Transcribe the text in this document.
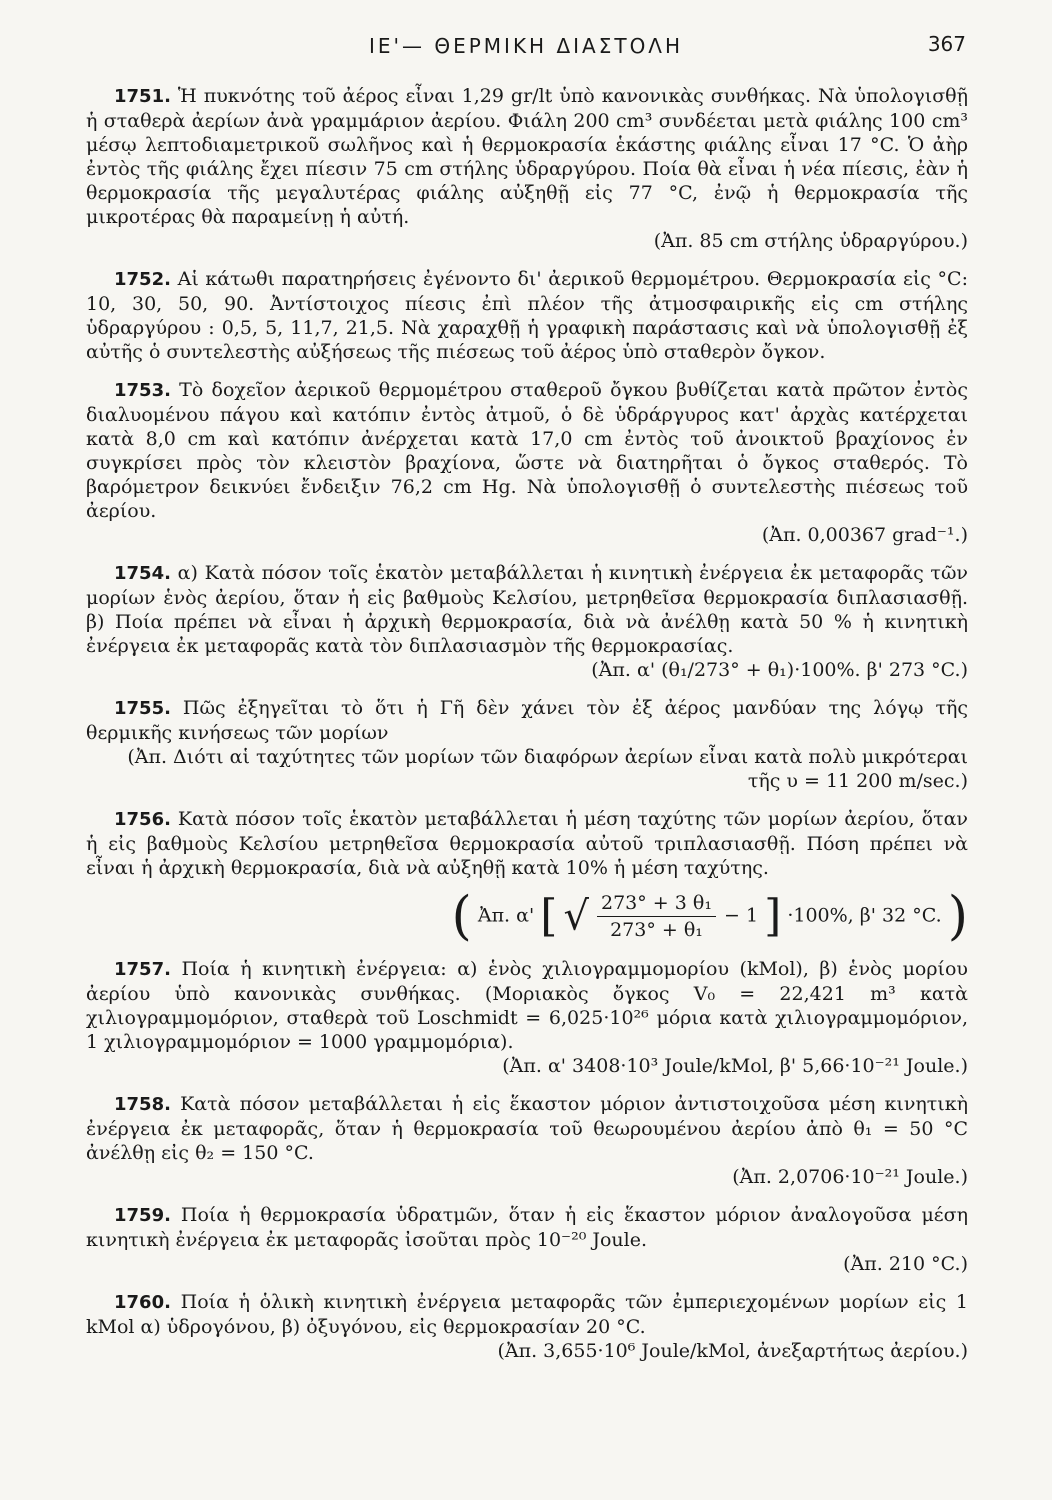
ΙΕ'— ΘΕΡΜΙΚΗ ΔΙΑΣΤΟΛΗ	367

1751. Ἡ πυκνότης τοῦ ἀέρος εἶναι 1,29 gr/lt ὑπὸ κανονικὰς συνθήκας. Νὰ ὑπολογισθῇ ἡ σταθερὰ ἀερίων ἀνὰ γραμμάριον ἀερίου. Φιάλη 200 cm³ συνδέεται μετὰ φιάλης 100 cm³ μέσῳ λεπτοδιαμετρικοῦ σωλῆνος καὶ ἡ θερμοκρασία ἑκάστης φιάλης εἶναι 17 °C. Ὁ ἀὴρ ἐντὸς τῆς φιάλης ἔχει πίεσιν 75 cm στήλης ὑδραργύρου. Ποία θὰ εἶναι ἡ νέα πίεσις, ἐὰν ἡ θερμοκρασία τῆς μεγαλυτέρας φιάλης αὐξηθῇ εἰς 77 °C, ἐνῷ ἡ θερμοκρασία τῆς μικροτέρας θὰ παραμείνῃ ἡ αὐτή.

(Ἀπ. 85 cm στήλης ὑδραργύρου.)

1752. Αἱ κάτωθι παρατηρήσεις ἐγένοντο δι' ἀερικοῦ θερμομέτρου. Θερμοκρασία εἰς °C: 10, 30, 50, 90. Ἀντίστοιχος πίεσις ἐπὶ πλέον τῆς ἀτμοσφαιρικῆς εἰς cm στήλης ὑδραργύρου : 0,5, 5, 11,7, 21,5. Νὰ χαραχθῇ ἡ γραφικὴ παράστασις καὶ νὰ ὑπολογισθῇ ἐξ αὐτῆς ὁ συντελεστὴς αὐξήσεως τῆς πιέσεως τοῦ ἀέρος ὑπὸ σταθερὸν ὄγκον.

1753. Τὸ δοχεῖον ἀερικοῦ θερμομέτρου σταθεροῦ ὄγκου βυθίζεται κατὰ πρῶτον ἐντὸς διαλυομένου πάγου καὶ κατόπιν ἐντὸς ἀτμοῦ, ὁ δὲ ὑδράργυρος κατ' ἀρχὰς κατέρχεται κατὰ 8,0 cm καὶ κατόπιν ἀνέρχεται κατὰ 17,0 cm ἐντὸς τοῦ ἀνοικτοῦ βραχίονος ἐν συγκρίσει πρὸς τὸν κλειστὸν βραχίονα, ὥστε νὰ διατηρῆται ὁ ὄγκος σταθερός. Τὸ βαρόμετρον δεικνύει ἔνδειξιν 76,2 cm Hg. Νὰ ὑπολογισθῇ ὁ συντελεστὴς πιέσεως τοῦ ἀερίου.

(Ἀπ. 0,00367 grad⁻¹.)

1754. α) Κατὰ πόσον τοῖς ἑκατὸν μεταβάλλεται ἡ κινητικὴ ἐνέργεια ἐκ μεταφορᾶς τῶν μορίων ἑνὸς ἀερίου, ὅταν ἡ εἰς βαθμοὺς Κελσίου, μετρηθεῖσα θερμοκρασία διπλασιασθῇ. β) Ποία πρέπει νὰ εἶναι ἡ ἀρχικὴ θερμοκρασία, διὰ νὰ ἀνέλθῃ κατὰ 50 % ἡ κινητικὴ ἐνέργεια ἐκ μεταφορᾶς κατὰ τὸν διπλασιασμὸν τῆς θερμοκρασίας.

(Ἀπ. α' (θ₁/273° + θ₁)·100%. β' 273 °C.)

1755. Πῶς ἐξηγεῖται τὸ ὅτι ἡ Γῆ δὲν χάνει τὸν ἐξ ἀέρος μανδύαν της λόγῳ τῆς θερμικῆς κινήσεως τῶν μορίων

(Ἀπ. Διότι αἱ ταχύτητες τῶν μορίων τῶν διαφόρων ἀερίων εἶναι κατὰ πολὺ μικρότεραι τῆς υ = 11 200 m/sec.)

1756. Κατὰ πόσον τοῖς ἑκατὸν μεταβάλλεται ἡ μέση ταχύτης τῶν μορίων ἀερίου, ὅταν ἡ εἰς βαθμοὺς Κελσίου μετρηθεῖσα θερμοκρασία αὐτοῦ τριπλασιασθῇ. Πόση πρέπει νὰ εἶναι ἡ ἀρχικὴ θερμοκρασία, διὰ νὰ αὐξηθῇ κατὰ 10% ἡ μέση ταχύτης.

( Ἀπ. α' [ √ $\frac{\text{273° + 3 θ₁}}{\text{273° + θ₁}} - 1$ ] ·100%, β' 32 °C. )

1757. Ποία ἡ κινητικὴ ἐνέργεια: α) ἑνὸς χιλιογραμμομορίου (kMol), β) ἑνὸς μορίου ἀερίου ὑπὸ κανονικὰς συνθήκας. (Μοριακὸς ὄγκος V₀ = 22,421 m³ κατὰ χιλιογραμμομόριον, σταθερὰ τοῦ Loschmidt = 6,025·10²⁶ μόρια κατὰ χιλιογραμμομόριον, 1 χιλιογραμμομόριον = 1000 γραμμομόρια).

(Ἀπ. α' 3408·10³ Joule/kMol, β' 5,66·10⁻²¹ Joule.)

1758. Κατὰ πόσον μεταβάλλεται ἡ εἰς ἕκαστον μόριον ἀντιστοιχοῦσα μέση κινητικὴ ἐνέργεια ἐκ μεταφορᾶς, ὅταν ἡ θερμοκρασία τοῦ θεωρουμένου ἀερίου ἀπὸ θ₁ = 50 °C ἀνέλθῃ εἰς θ₂ = 150 °C.

(Ἀπ. 2,0706·10⁻²¹ Joule.)

1759. Ποία ἡ θερμοκρασία ὑδρατμῶν, ὅταν ἡ εἰς ἕκαστον μόριον ἀναλογοῦσα μέση κινητικὴ ἐνέργεια ἐκ μεταφορᾶς ἰσοῦται πρὸς 10⁻²⁰ Joule.

(Ἀπ. 210 °C.)

1760. Ποία ἡ ὁλικὴ κινητικὴ ἐνέργεια μεταφορᾶς τῶν ἐμπεριεχομένων μορίων εἰς 1 kMol α) ὑδρογόνου, β) ὀξυγόνου, εἰς θερμοκρασίαν 20 °C.

(Ἀπ. 3,655·10⁶ Joule/kMol, ἀνεξαρτήτως ἀερίου.)
